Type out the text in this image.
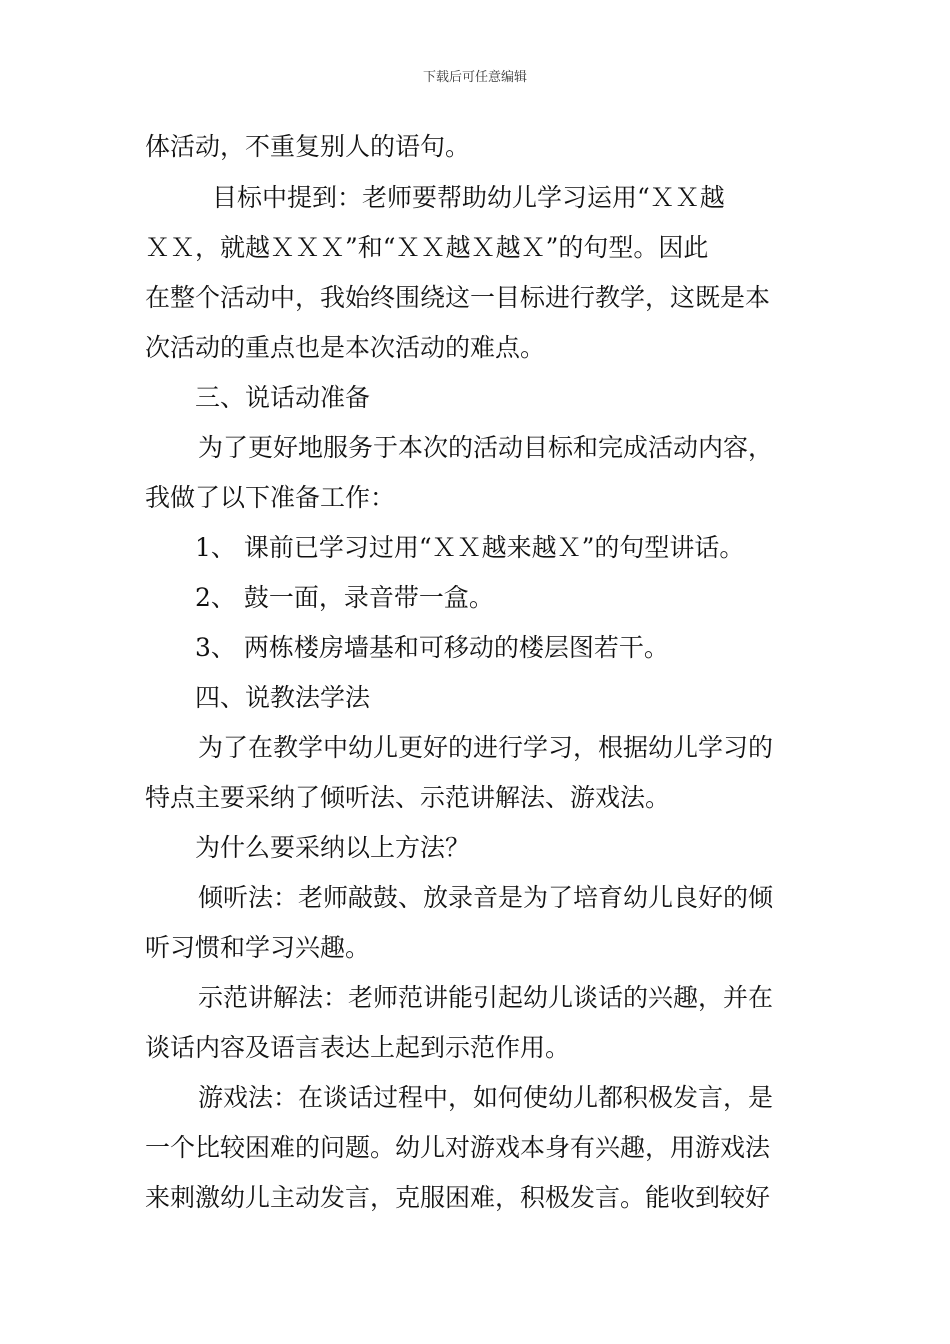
下载后可任意编辑
体活动，不重复别人的语句。
目标中提到：老师要帮助幼儿学习运用“ＸＸ越
ＸＸ，就越ＸＸＸ”和“ＸＸ越Ｘ越Ｘ”的句型。因此
在整个活动中，我始终围绕这一目标进行教学，这既是本
次活动的重点也是本次活动的难点。
三、说话动准备
为了更好地服务于本次的活动目标和完成活动内容，
我做了以下准备工作：
1、 课前已学习过用“ＸＸ越来越Ｘ”的句型讲话。
2、 鼓一面，录音带一盒。
3、 两栋楼房墙基和可移动的楼层图若干。
四、说教法学法
为了在教学中幼儿更好的进行学习，根据幼儿学习的
特点主要采纳了倾听法、示范讲解法、游戏法。
为什么要采纳以上方法？
倾听法：老师敲鼓、放录音是为了培育幼儿良好的倾
听习惯和学习兴趣。
示范讲解法：老师范讲能引起幼儿谈话的兴趣，并在
谈话内容及语言表达上起到示范作用。
游戏法：在谈话过程中，如何使幼儿都积极发言，是
一个比较困难的问题。幼儿对游戏本身有兴趣，用游戏法
来刺激幼儿主动发言，克服困难，积极发言。能收到较好
